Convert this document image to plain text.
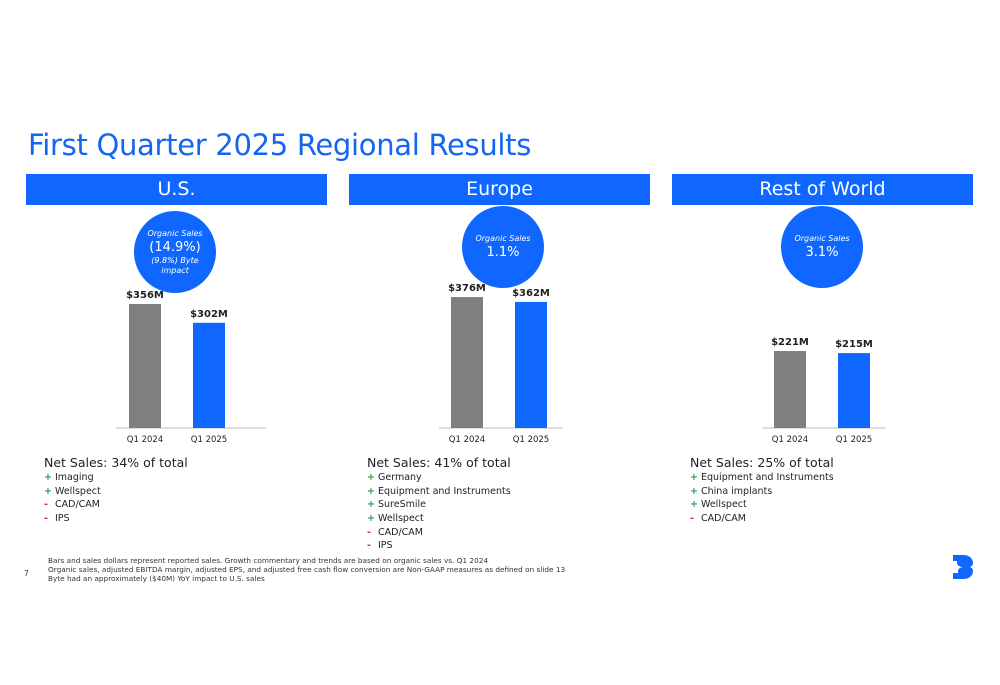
First Quarter 2025 Regional Results
U.S.
Organic Sales
(14.9%)
(9.8%) Byte impact
$356M
Q1 2024
$302M
Q1 2025
Net Sales: 34% of total
+ Imaging
+ Wellspect
- CAD/CAM
- IPS
Europe
Organic Sales
1.1%
$376M
Q1 2024
$362M
Q1 2025
Net Sales: 41% of total
+ Germany
+ Equipment and Instruments
+ SureSmile
+ Wellspect
- CAD/CAM
- IPS
Rest of World
Organic Sales
3.1%
$221M
Q1 2024
$215M
Q1 2025
Net Sales: 25% of total
+ Equipment and Instruments
+ China implants
+ Wellspect
- CAD/CAM
7
Bars and sales dollars represent reported sales. Growth commentary and trends are based on organic sales vs. Q1 2024
Organic sales, adjusted EBITDA margin, adjusted EPS, and adjusted free cash flow conversion are Non-GAAP measures as defined on slide 13
Byte had an approximately ($40M) YoY impact to U.S. sales
